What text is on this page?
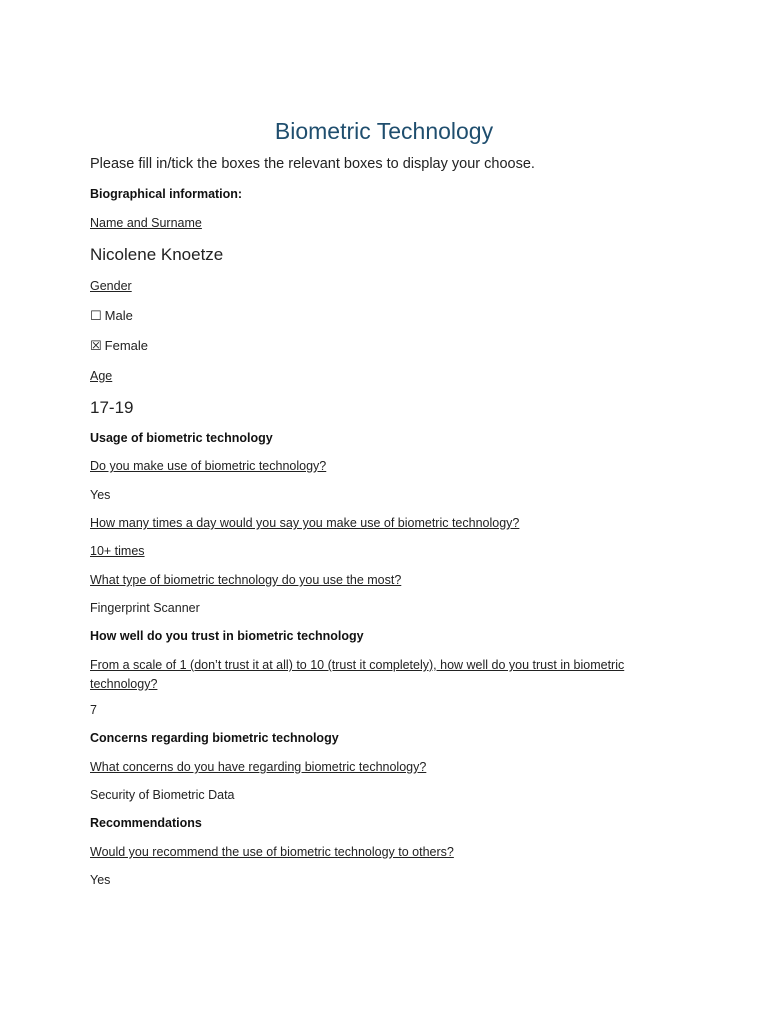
Biometric Technology
Please fill in/tick the boxes the relevant boxes to display your choose.
Biographical information:
Name and Surname
Nicolene Knoetze
Gender
☐ Male
☒ Female
Age
17-19
Usage of biometric technology
Do you make use of biometric technology?
Yes
How many times a day would you say you make use of biometric technology?
10+ times
What type of biometric technology do you use the most?
Fingerprint Scanner
How well do you trust in biometric technology
From a scale of 1 (don’t trust it at all) to 10 (trust it completely), how well do you trust in biometric technology?
7
Concerns regarding biometric technology
What concerns do you have regarding biometric technology?
Security of Biometric Data
Recommendations
Would you recommend the use of biometric technology to others?
Yes
